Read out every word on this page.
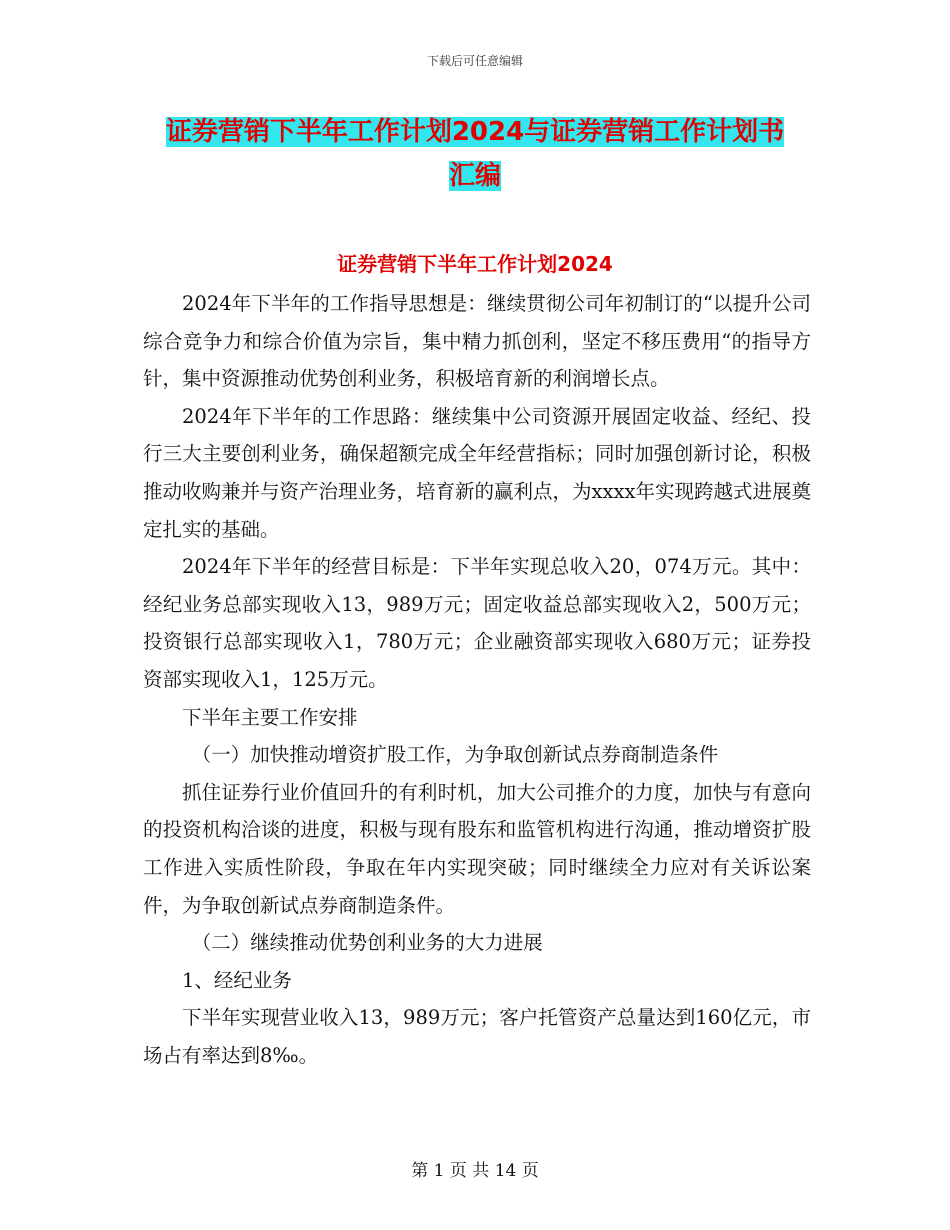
下载后可任意编辑
证券营销下半年工作计划2024与证券营销工作计划书
汇编
证券营销下半年工作计划2024

2024年下半年的工作指导思想是：继续贯彻公司年初制订的“以提升公司综合竞争力和综合价值为宗旨，集中精力抓创利，坚定不移压费用“的指导方针，集中资源推动优势创利业务，积极培育新的利润增长点。

2024年下半年的工作思路：继续集中公司资源开展固定收益、经纪、投行三大主要创利业务，确保超额完成全年经营指标；同时加强创新讨论，积极推动收购兼并与资产治理业务，培育新的赢利点，为xxxx年实现跨越式进展奠定扎实的基础。

2024年下半年的经营目标是：下半年实现总收入20，074万元。其中：经纪业务总部实现收入13，989万元；固定收益总部实现收入2，500万元；投资银行总部实现收入1，780万元；企业融资部实现收入680万元；证券投资部实现收入1，125万元。

下半年主要工作安排

（一）加快推动增资扩股工作，为争取创新试点券商制造条件

抓住证券行业价值回升的有利时机，加大公司推介的力度，加快与有意向的投资机构洽谈的进度，积极与现有股东和监管机构进行沟通，推动增资扩股工作进入实质性阶段，争取在年内实现突破；同时继续全力应对有关诉讼案件，为争取创新试点券商制造条件。

（二）继续推动优势创利业务的大力进展

1、经纪业务

下半年实现营业收入13，989万元；客户托管资产总量达到160亿元，市场占有率达到8‰。

第 1 页 共 14 页
